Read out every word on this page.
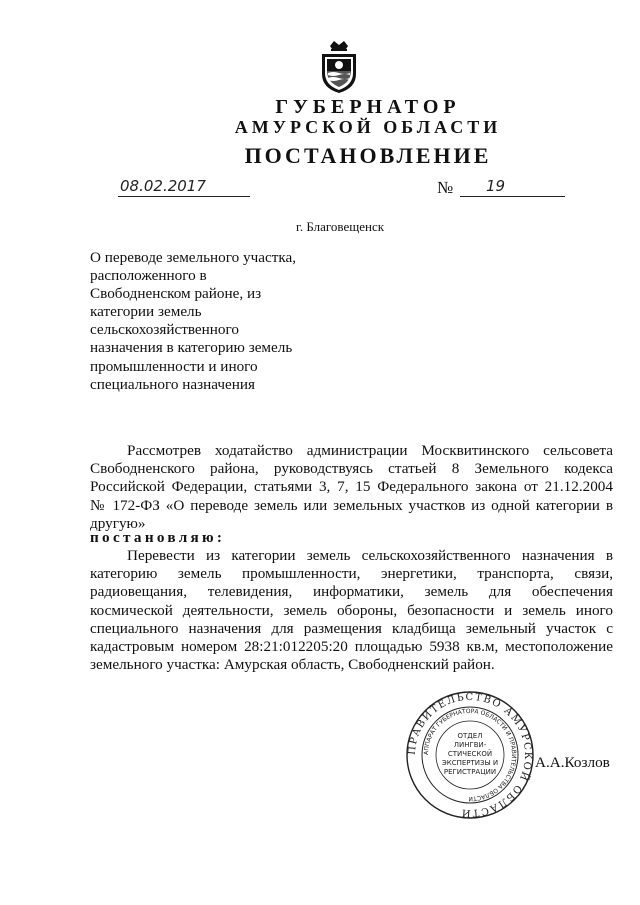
ГУБЕРНАТОР
АМУРСКОЙ ОБЛАСТИ
ПОСТАНОВЛЕНИЕ
08.02.2017	№ 19
г. Благовещенск
О переводе земельного участка,
расположенного в
Свободненском районе, из
категории земель
сельскохозяйственного
назначения в категорию земель
промышленности и иного
специального назначения
Рассмотрев ходатайство администрации Москвитинского сельсовета
Свободненского района, руководствуясь статьей 8 Земельного кодекса
Российской Федерации, статьями 3, 7, 15 Федерального закона от 21.12.2004
№ 172-ФЗ «О переводе земель или земельных участков из одной категории в
другую»
постановляю:
Перевести из категории земель сельскохозяйственного назначения в
категорию земель промышленности, энергетики, транспорта, связи,
радиовещания, телевидения, информатики, земель для обеспечения
космической деятельности, земель обороны, безопасности и земель иного
специального назначения для размещения кладбища земельный участок с
кадастровым номером 28:21:012205:20 площадью 5938 кв.м, местоположение
земельного участка: Амурская область, Свободненский район.
ПРАВИТЕЛЬСТВО АМУРСКОЙ ОБЛАСТИ
АППАРАТ ГУБЕРНАТОРА ОБЛАСТИ И ПРАВИТЕЛЬСТВА ОБЛАСТИ
ОТДЕЛ
ЛИНГВИ-
СТИЧЕСКОЙ
ЭКСПЕРТИЗЫ И
РЕГИСТРАЦИИ
А.А.Козлов
